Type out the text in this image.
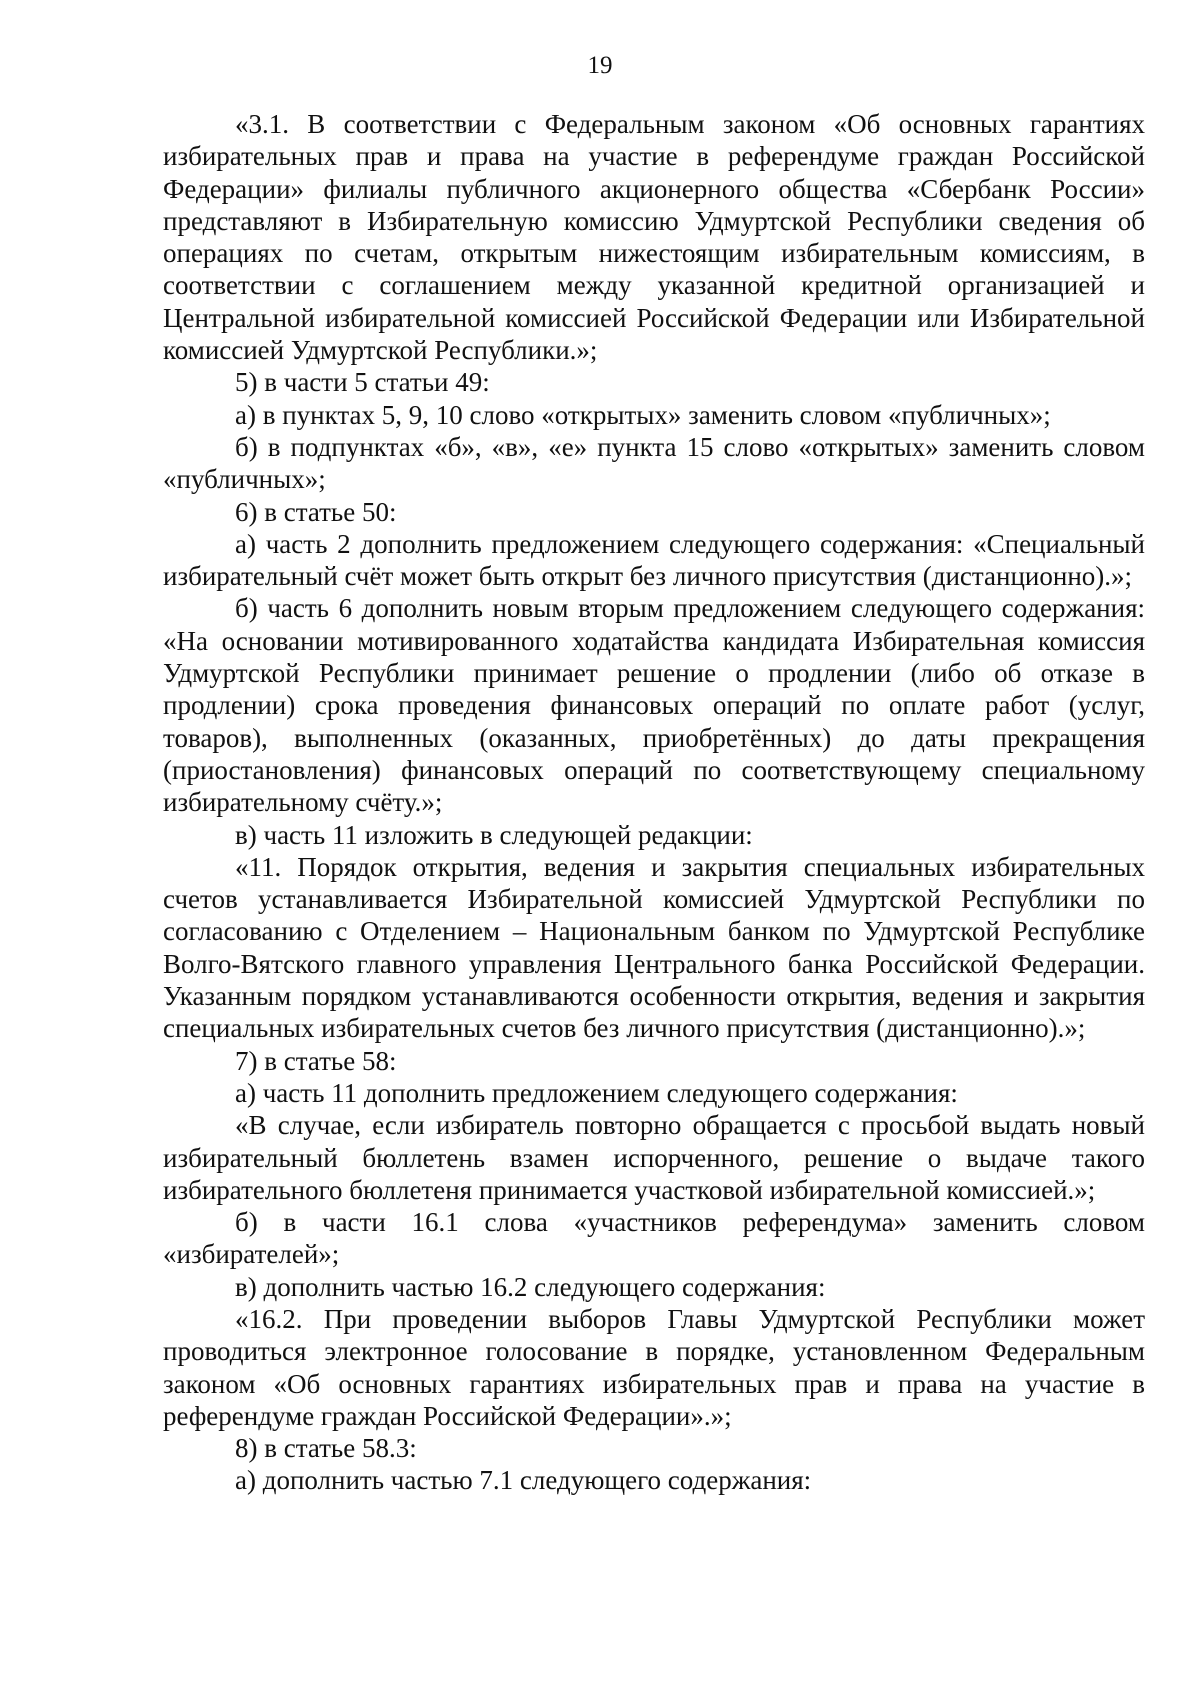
19

«3.1. В соответствии с Федеральным законом «Об основных гарантиях избирательных прав и права на участие в референдуме граждан Российской Федерации» филиалы публичного акционерного общества «Сбербанк России» представляют в Избирательную комиссию Удмуртской Республики сведения об операциях по счетам, открытым нижестоящим избирательным комиссиям, в соответствии с соглашением между указанной кредитной организацией и Центральной избирательной комиссией Российской Федерации или Избирательной комиссией Удмуртской Республики.»;

5) в части 5 статьи 49:

а) в пунктах 5, 9, 10 слово «открытых» заменить словом «публичных»;

б) в подпунктах «б», «в», «е» пункта 15 слово «открытых» заменить словом «публичных»;

6) в статье 50:

а) часть 2 дополнить предложением следующего содержания: «Специальный избирательный счёт может быть открыт без личного присутствия (дистанционно).»;

б) часть 6 дополнить новым вторым предложением следующего содержания: «На основании мотивированного ходатайства кандидата Избирательная комиссия Удмуртской Республики принимает решение о продлении (либо об отказе в продлении) срока проведения финансовых операций по оплате работ (услуг, товаров), выполненных (оказанных, приобретённых) до даты прекращения (приостановления) финансовых операций по соответствующему специальному избирательному счёту.»;

в) часть 11 изложить в следующей редакции:

«11. Порядок открытия, ведения и закрытия специальных избирательных счетов устанавливается Избирательной комиссией Удмуртской Республики по согласованию с Отделением – Национальным банком по Удмуртской Республике Волго-Вятского главного управления Центрального банка Российской Федерации. Указанным порядком устанавливаются особенности открытия, ведения и закрытия специальных избирательных счетов без личного присутствия (дистанционно).»;

7) в статье 58:

а) часть 11 дополнить предложением следующего содержания:

«В случае, если избиратель повторно обращается с просьбой выдать новый избирательный бюллетень взамен испорченного, решение о выдаче такого избирательного бюллетеня принимается участковой избирательной комиссией.»;

б) в части 16.1 слова «участников референдума» заменить словом «избирателей»;

в) дополнить частью 16.2 следующего содержания:

«16.2. При проведении выборов Главы Удмуртской Республики может проводиться электронное голосование в порядке, установленном Федеральным законом «Об основных гарантиях избирательных прав и права на участие в референдуме граждан Российской Федерации».»;

8) в статье 58.3:

а) дополнить частью 7.1 следующего содержания:
